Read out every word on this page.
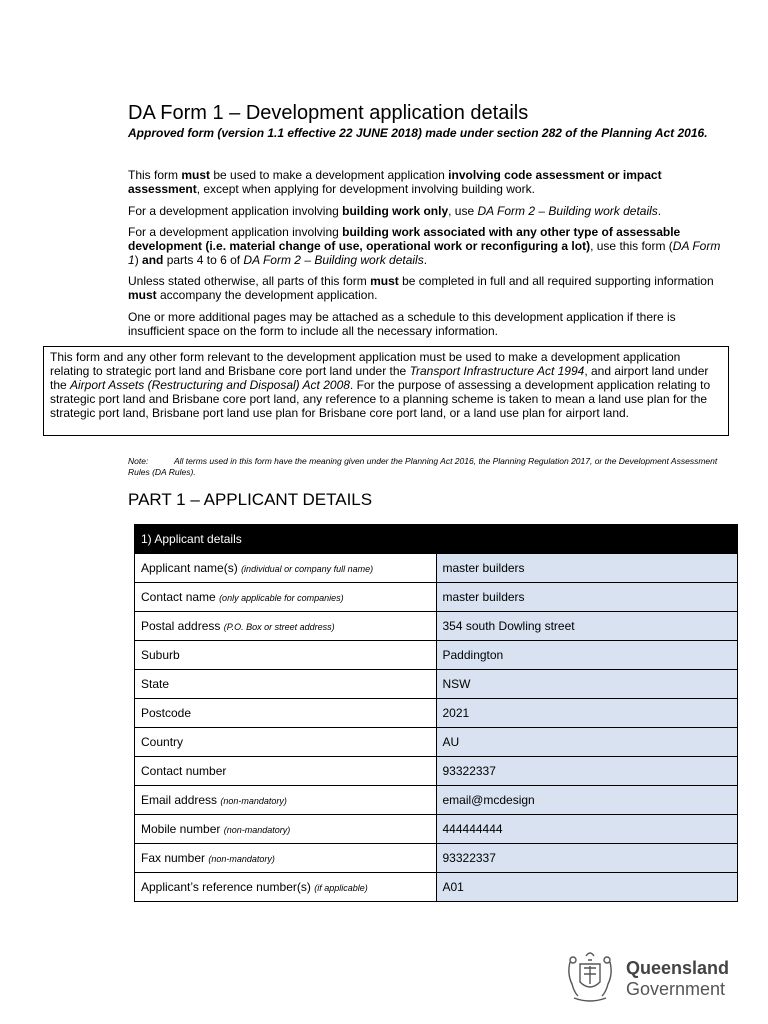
DA Form 1 – Development application details

Approved form (version 1.1 effective 22 JUNE 2018) made under section 282 of the Planning Act 2016.

This form must be used to make a development application involving code assessment or impact assessment, except when applying for development involving building work.

For a development application involving building work only, use DA Form 2 – Building work details.

For a development application involving building work associated with any other type of assessable development (i.e. material change of use, operational work or reconfiguring a lot), use this form (DA Form 1) and parts 4 to 6 of DA Form 2 – Building work details.

Unless stated otherwise, all parts of this form must be completed in full and all required supporting information must accompany the development application.

One or more additional pages may be attached as a schedule to this development application if there is insufficient space on the form to include all the necessary information.

This form and any other form relevant to the development application must be used to make a development application relating to strategic port land and Brisbane core port land under the Transport Infrastructure Act 1994, and airport land under the Airport Assets (Restructuring and Disposal) Act 2008. For the purpose of assessing a development application relating to strategic port land and Brisbane core port land, any reference to a planning scheme is taken to mean a land use plan for the strategic port land, Brisbane port land use plan for Brisbane core port land, or a land use plan for airport land.
Note:	All terms used in this form have the meaning given under the Planning Act 2016, the Planning Regulation 2017, or the Development Assessment Rules (DA Rules).
PART 1 – APPLICANT DETAILS
1) Applicant details	
Applicant name(s) (individual or company full name)	master builders
Contact name (only applicable for companies)	master builders
Postal address (P.O. Box or street address)	354 south Dowling street
Suburb	Paddington
State	NSW
Postcode	2021
Country	AU
Contact number	93322337
Email address (non-mandatory)	email@mcdesign
Mobile number (non-mandatory)	444444444
Fax number (non-mandatory)	93322337
Applicant’s reference number(s) (if applicable)	A01
Queensland
Government
